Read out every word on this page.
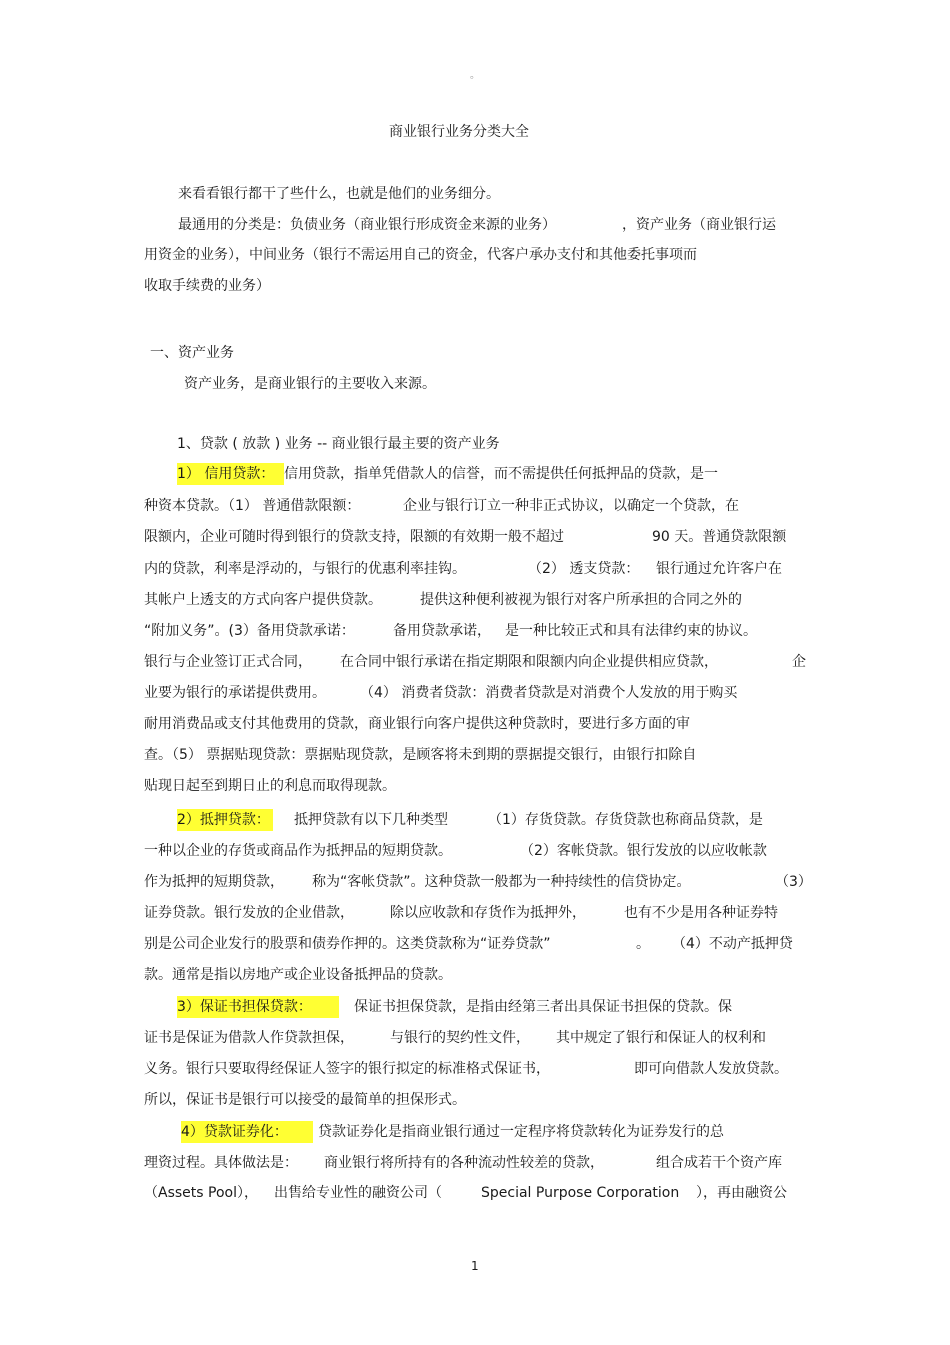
。
商业银行业务分类大全
来看看银行都干了些什么，也就是他们的业务细分。
最通用的分类是：负债业务（商业银行形成资金来源的业务）	，资产业务（商业银行运
用资金的业务），中间业务（银行不需运用自己的资金，代客户承办支付和其他委托事项而
收取手续费的业务）
一、资产业务
资产业务，是商业银行的主要收入来源。
1、贷款 ( 放款 ) 业务 -- 商业银行最主要的资产业务
1） 信用贷款： 信用贷款，指单凭借款人的信誉，而不需提供任何抵押品的贷款，是一
种资本贷款。（1） 普通借款限额：	企业与银行订立一种非正式协议，以确定一个贷款，在
限额内，企业可随时得到银行的贷款支持，限额的有效期一般不超过	90 天。普通贷款限额
内的贷款，利率是浮动的，与银行的优惠利率挂钩。	（2） 透支贷款： 银行通过允许客户在
其帐户上透支的方式向客户提供贷款。	提供这种便利被视为银行对客户所承担的合同之外的
“附加义务”。(3）备用贷款承诺：	备用贷款承诺， 是一种比较正式和具有法律约束的协议。
银行与企业签订正式合同， 在合同中银行承诺在指定期限和限额内向企业提供相应贷款，	企
业要为银行的承诺提供费用。 （4） 消费者贷款：消费者贷款是对消费个人发放的用于购买
耐用消费品或支付其他费用的贷款，商业银行向客户提供这种贷款时，要进行多方面的审
查。（5） 票据贴现贷款：票据贴现贷款，是顾客将未到期的票据提交银行，由银行扣除自
贴现日起至到期日止的利息而取得现款。
2）抵押贷款： 抵押贷款有以下几种类型	（1）存货贷款。存货贷款也称商品贷款，是
一种以企业的存货或商品作为抵押品的短期贷款。	（2）客帐贷款。银行发放的以应收帐款
作为抵押的短期贷款， 称为“客帐贷款”。这种贷款一般都为一种持续性的信贷协定。	（3）
证券贷款。银行发放的企业借款，	除以应收款和存货作为抵押外，	也有不少是用各种证券特
别是公司企业发行的股票和债券作押的。这类贷款称为“证券贷款”	。 （4）不动产抵押贷
款。通常是指以房地产或企业设备抵押品的贷款。
3）保证书担保贷款：	保证书担保贷款，是指由经第三者出具保证书担保的贷款。保
证书是保证为借款人作贷款担保，	与银行的契约性文件， 其中规定了银行和保证人的权利和
义务。银行只要取得经保证人签字的银行拟定的标准格式保证书，	即可向借款人发放贷款。
所以，保证书是银行可以接受的最简单的担保形式。
4）贷款证券化：	贷款证券化是指商业银行通过一定程序将贷款转化为证券发行的总
理资过程。具体做法是： 商业银行将所持有的各种流动性较差的贷款，	组合成若干个资产库
（Assets Pool）， 出售给专业性的融资公司（	Special Purpose Corporation ），再由融资公
1
